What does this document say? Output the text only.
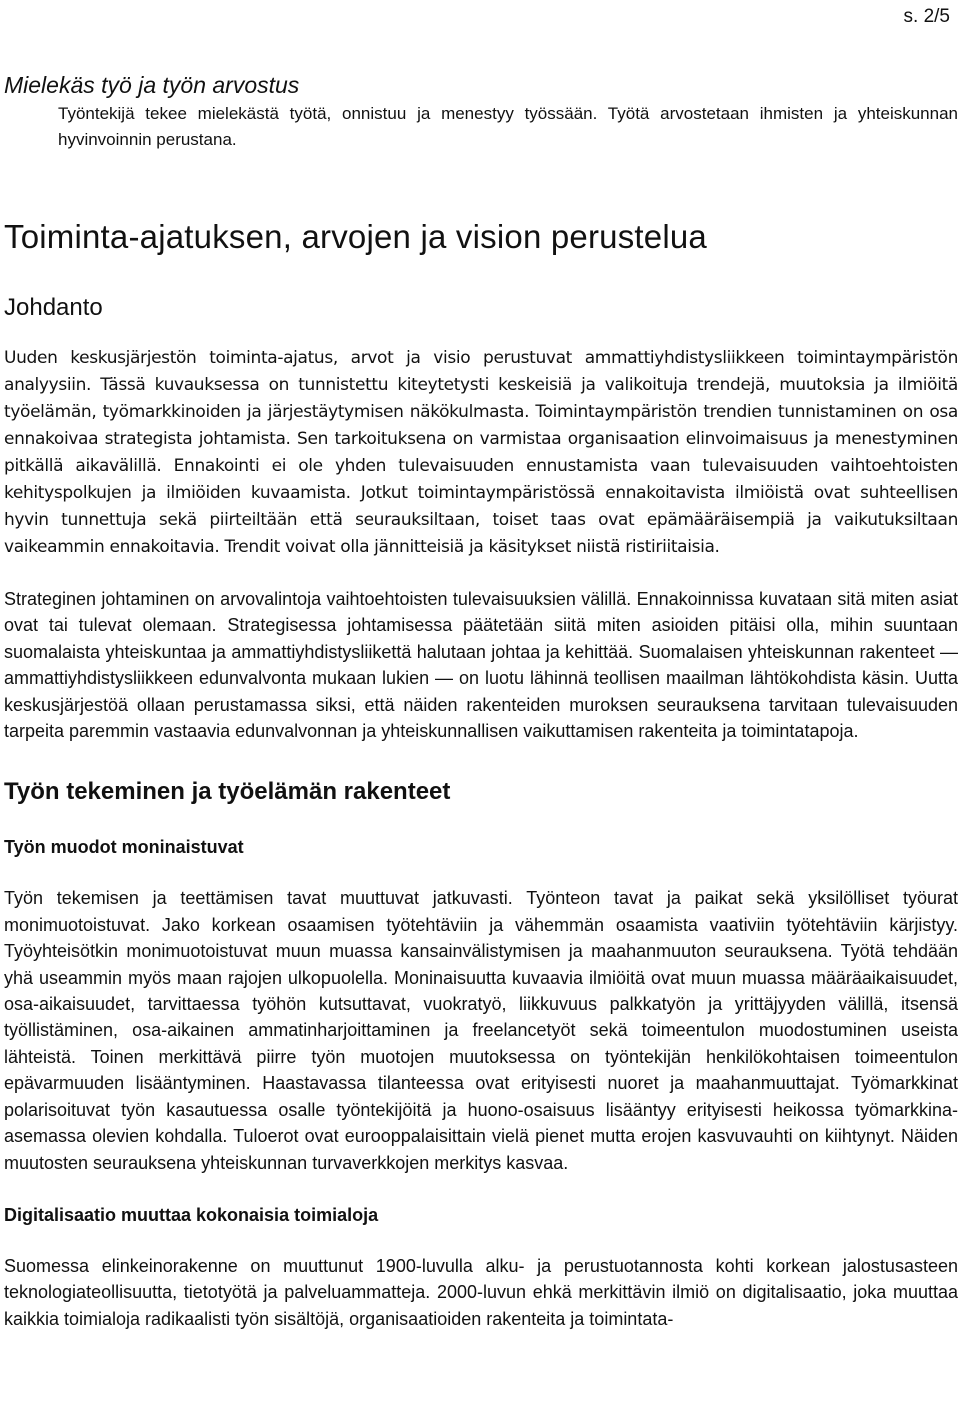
s. 2/5
Mielekäs työ ja työn arvostus
Työntekijä tekee mielekästä työtä, onnistuu ja menestyy työssään. Työtä arvostetaan ihmisten ja yhteiskunnan hyvinvoinnin perustana.
Toiminta-ajatuksen, arvojen ja vision perustelua
Johdanto

Uuden keskusjärjestön toiminta-ajatus, arvot ja visio perustuvat ammattiyhdistysliikkeen toimintaympäristön analyysiin. Tässä kuvauksessa on tunnistettu kiteytetysti keskeisiä ja valikoituja trendejä, muutoksia ja ilmiöitä työelämän, työmarkkinoiden ja järjestäytymisen näkökulmasta. Toimintaympäristön trendien tunnistaminen on osa ennakoivaa strategista johtamista. Sen tarkoituksena on varmistaa organisaation elinvoimaisuus ja menestyminen pitkällä aikavälillä. Ennakointi ei ole yhden tulevaisuuden ennustamista vaan tulevaisuuden vaihtoehtoisten kehityspolkujen ja ilmiöiden kuvaamista. Jotkut toimintaympäristössä ennakoitavista ilmiöistä ovat suhteellisen hyvin tunnettuja sekä piirteiltään että seurauksiltaan, toiset taas ovat epämääräisempiä ja vaikutuksiltaan vaikeammin ennakoitavia. Trendit voivat olla jännitteisiä ja käsitykset niistä ristiriitaisia.

Strateginen johtaminen on arvovalintoja vaihtoehtoisten tulevaisuuksien välillä. Ennakoinnissa kuvataan sitä miten asiat ovat tai tulevat olemaan. Strategisessa johtamisessa päätetään siitä miten asioiden pitäisi olla, mihin suuntaan suomalaista yhteiskuntaa ja ammattiyhdistysliikettä halutaan johtaa ja kehittää. Suomalaisen yhteiskunnan rakenteet — ammattiyhdistysliikkeen edunvalvonta mukaan lukien — on luotu lähinnä teollisen maailman lähtökohdista käsin. Uutta keskusjärjestöä ollaan perustamassa siksi, että näiden rakenteiden muroksen seurauksena tarvitaan tulevaisuuden tarpeita paremmin vastaavia edunvalvonnan ja yhteiskunnallisen vaikuttamisen rakenteita ja toimintatapoja.

Työn tekeminen ja työelämän rakenteet
Työn muodot moninaistuvat

Työn tekemisen ja teettämisen tavat muuttuvat jatkuvasti. Työnteon tavat ja paikat sekä yksilölliset työurat monimuotoistuvat. Jako korkean osaamisen työtehtäviin ja vähemmän osaamista vaativiin työtehtäviin kärjistyy. Työyhteisötkin monimuotoistuvat muun muassa kansainvälistymisen ja maahanmuuton seurauksena. Työtä tehdään yhä useammin myös maan rajojen ulkopuolella. Moninaisuutta kuvaavia ilmiöitä ovat muun muassa määräaikaisuudet, osa-aikaisuudet, tarvittaessa työhön kutsuttavat, vuokratyö, liikkuvuus palkkatyön ja yrittäjyyden välillä, itsensä työllistäminen, osa-aikainen ammatinharjoittaminen ja freelancetyöt sekä toimeentulon muodostuminen useista lähteistä. Toinen merkittävä piirre työn muotojen muutoksessa on työntekijän henkilökohtaisen toimeentulon epävarmuuden lisääntyminen. Haastavassa tilanteessa ovat erityisesti nuoret ja maahanmuuttajat. Työmarkkinat polarisoituvat työn kasautuessa osalle työntekijöitä ja huono-osaisuus lisääntyy erityisesti heikossa työmarkkina-asemassa olevien kohdalla. Tuloerot ovat eurooppalaisittain vielä pienet mutta erojen kasvuvauhti on kiihtynyt. Näiden muutosten seurauksena yhteiskunnan turvaverkkojen merkitys kasvaa.

Digitalisaatio muuttaa kokonaisia toimialoja

Suomessa elinkeinorakenne on muuttunut 1900-luvulla alku- ja perustuotannosta kohti korkean jalostusasteen teknologiateollisuutta, tietotyötä ja palveluammatteja. 2000-luvun ehkä merkittävin ilmiö on digitalisaatio, joka muuttaa kaikkia toimialoja radikaalisti työn sisältöjä, organisaatioiden rakenteita ja toimintata-
